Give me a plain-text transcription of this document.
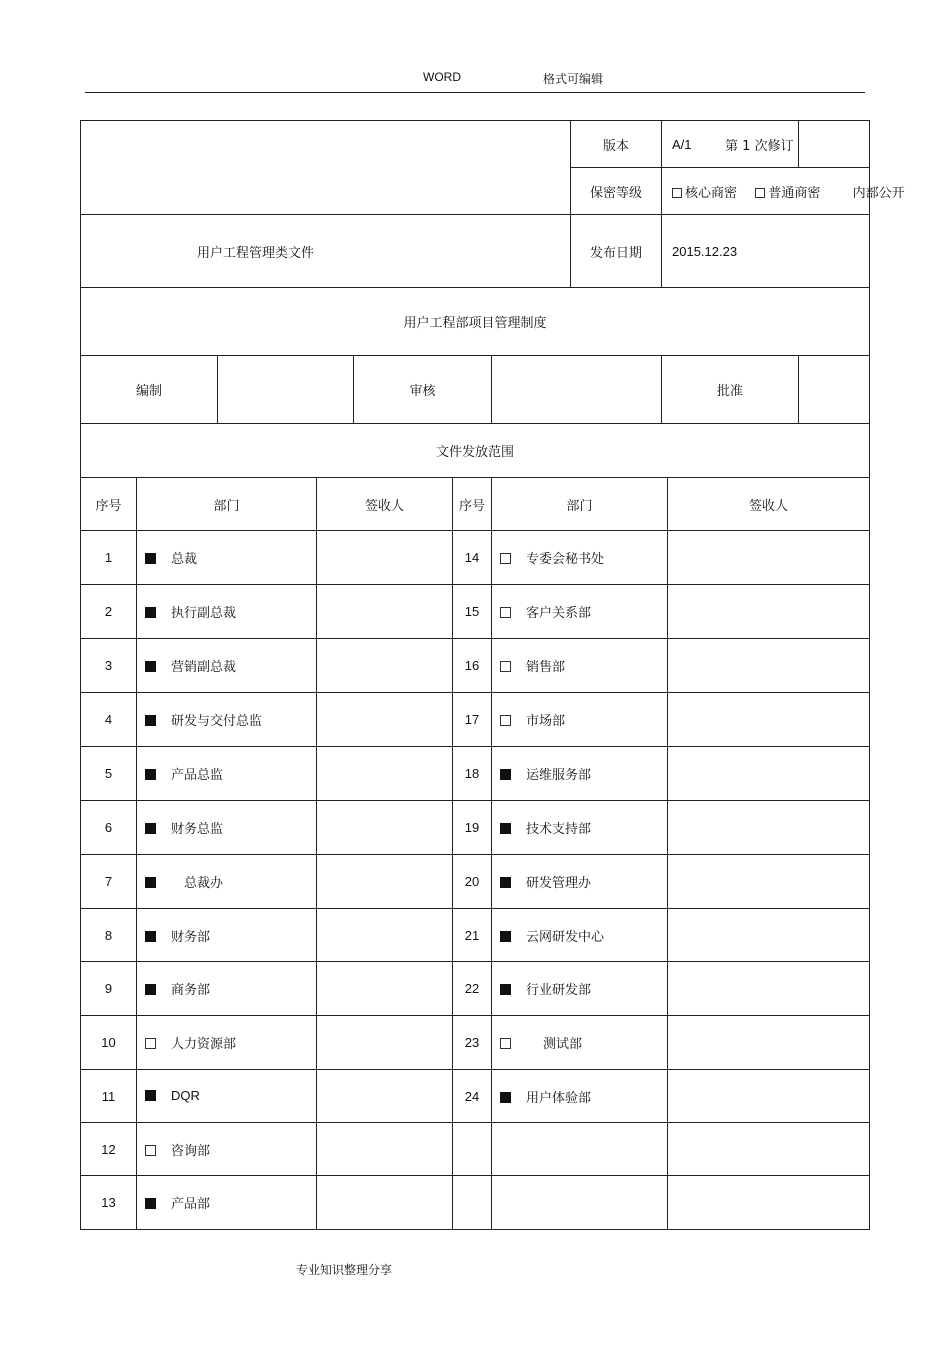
WORD	格式可编辑
							版本	A/1		第 1 次修订
							保密等级	核心商密 普通商密 内部公开		
用户工程管理类文件							发布日期	2015.12.23		
用户工程部项目管理制度										
编制				审核				批准		
文件发放范围										
序号	部门		签收人		序号	部门			签收人	
1	总裁				14	专委会秘书处				
2	执行副总裁				15	客户关系部				
3	营销副总裁				16	销售部				
4	研发与交付总监				17	市场部				
5	产品总监				18	运维服务部				
6	财务总监				19	技术支持部				
7	总裁办				20	研发管理办				
8	财务部				21	云网研发中心				
9	商务部				22	行业研发部				
10	人力资源部				23	测试部				
11	DQR				24	用户体验部				
12	咨询部									
13	产品部									
专业知识整理分享
